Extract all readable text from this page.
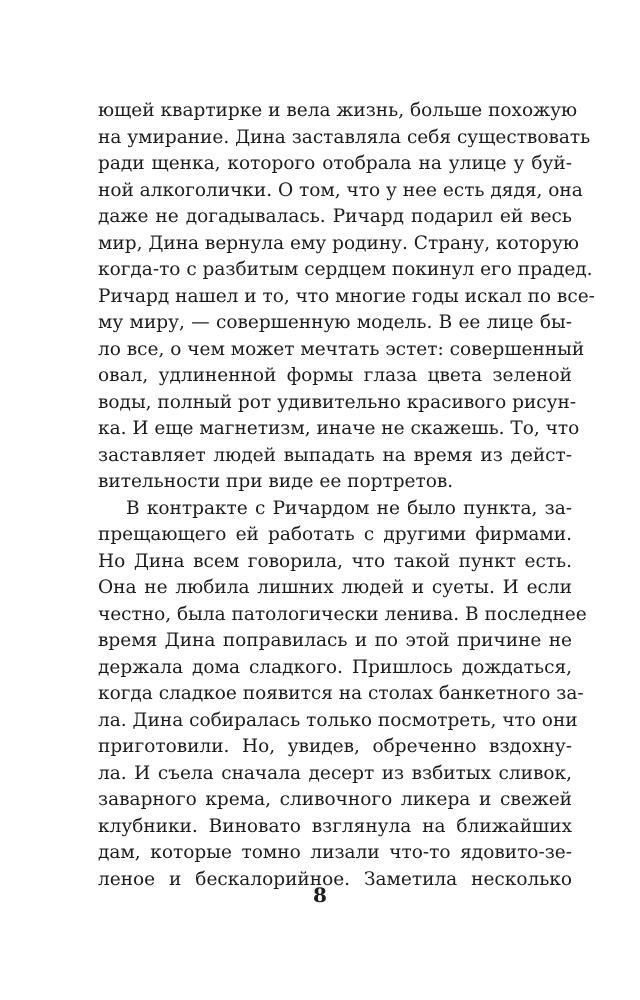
ющей квартирке и вела жизнь, больше похожую
на умирание. Дина заставляла себя существовать
ради щенка, которого отобрала на улице у буй-
ной алкоголички. О том, что у нее есть дядя, она
даже не догадывалась. Ричард подарил ей весь
мир, Дина вернула ему родину. Страну, которую
когда-то с разбитым сердцем покинул его прадед.
Ричард нашел и то, что многие годы искал по все-
му миру, — совершенную модель. В ее лице бы-
ло все, о чем может мечтать эстет: совершенный
овал, удлиненной формы глаза цвета зеленой
воды, полный рот удивительно красивого рисун-
ка. И еще магнетизм, иначе не скажешь. То, что
заставляет людей выпадать на время из дейст-
вительности при виде ее портретов.
В контракте с Ричардом не было пункта, за-
прещающего ей работать с другими фирмами.
Но Дина всем говорила, что такой пункт есть.
Она не любила лишних людей и суеты. И если
честно, была патологически ленива. В последнее
время Дина поправилась и по этой причине не
держала дома сладкого. Пришлось дождаться,
когда сладкое появится на столах банкетного за-
ла. Дина собиралась только посмотреть, что они
приготовили. Но, увидев, обреченно вздохну-
ла. И съела сначала десерт из взбитых сливок,
заварного крема, сливочного ликера и свежей
клубники. Виновато взглянула на ближайших
дам, которые томно лизали что-то ядовито-зе-
леное и бескалорийное. Заметила несколько
8
